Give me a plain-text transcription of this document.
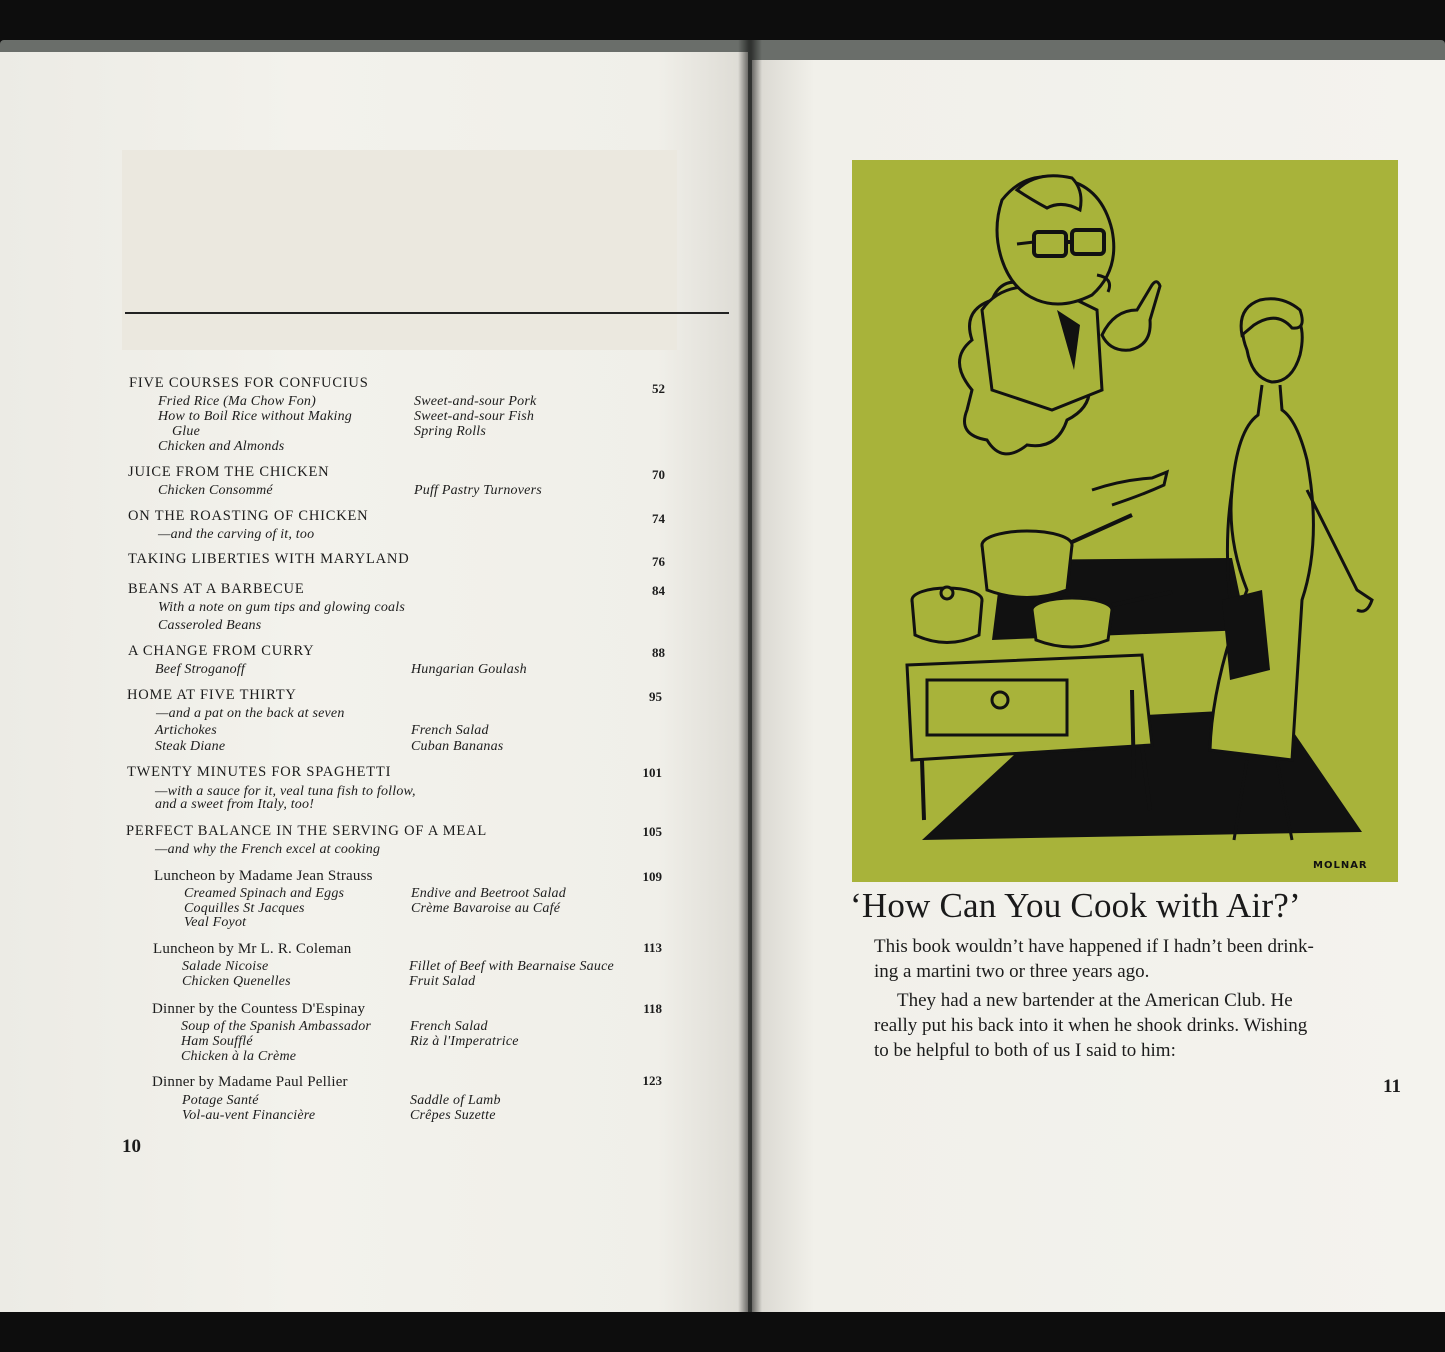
FIVE COURSES FOR CONFUCIUS	52
Fried Rice (Ma Chow Fon)	Sweet-and-sour Pork
How to Boil Rice without Making	Sweet-and-sour Fish
Glue	Spring Rolls
Chicken and Almonds
JUICE FROM THE CHICKEN	70
Chicken Consommé	Puff Pastry Turnovers
ON THE ROASTING OF CHICKEN	74
—and the carving of it, too
TAKING LIBERTIES WITH MARYLAND	76
BEANS AT A BARBECUE	84
With a note on gum tips and glowing coals
Casseroled Beans
A CHANGE FROM CURRY	88
Beef Stroganoff	Hungarian Goulash
HOME AT FIVE THIRTY	95
—and a pat on the back at seven
Artichokes	French Salad
Steak Diane	Cuban Bananas
TWENTY MINUTES FOR SPAGHETTI	101
—with a sauce for it, veal tuna fish to follow,
and a sweet from Italy, too!
PERFECT BALANCE IN THE SERVING OF A MEAL	105
—and why the French excel at cooking
Luncheon by Madame Jean Strauss	109
Creamed Spinach and Eggs	Endive and Beetroot Salad
Coquilles St Jacques	Crème Bavaroise au Café
Veal Foyot
Luncheon by Mr L. R. Coleman	113
Salade Nicoise	Fillet of Beef with Bearnaise Sauce
Chicken Quenelles	Fruit Salad
Dinner by the Countess D'Espinay	118
Soup of the Spanish Ambassador	French Salad
Ham Soufflé	Riz à l'Imperatrice
Chicken à la Crème
Dinner by Madame Paul Pellier	123
Potage Santé	Saddle of Lamb
Vol-au-vent Financière	Crêpes Suzette
10
MOLNAR
‘How Can You Cook with Air?’

This book wouldn’t have happened if I hadn’t been drink-

ing a martini two or three years ago.

They had a new bartender at the American Club. He

really put his back into it when he shook drinks. Wishing

to be helpful to both of us I said to him:

11
